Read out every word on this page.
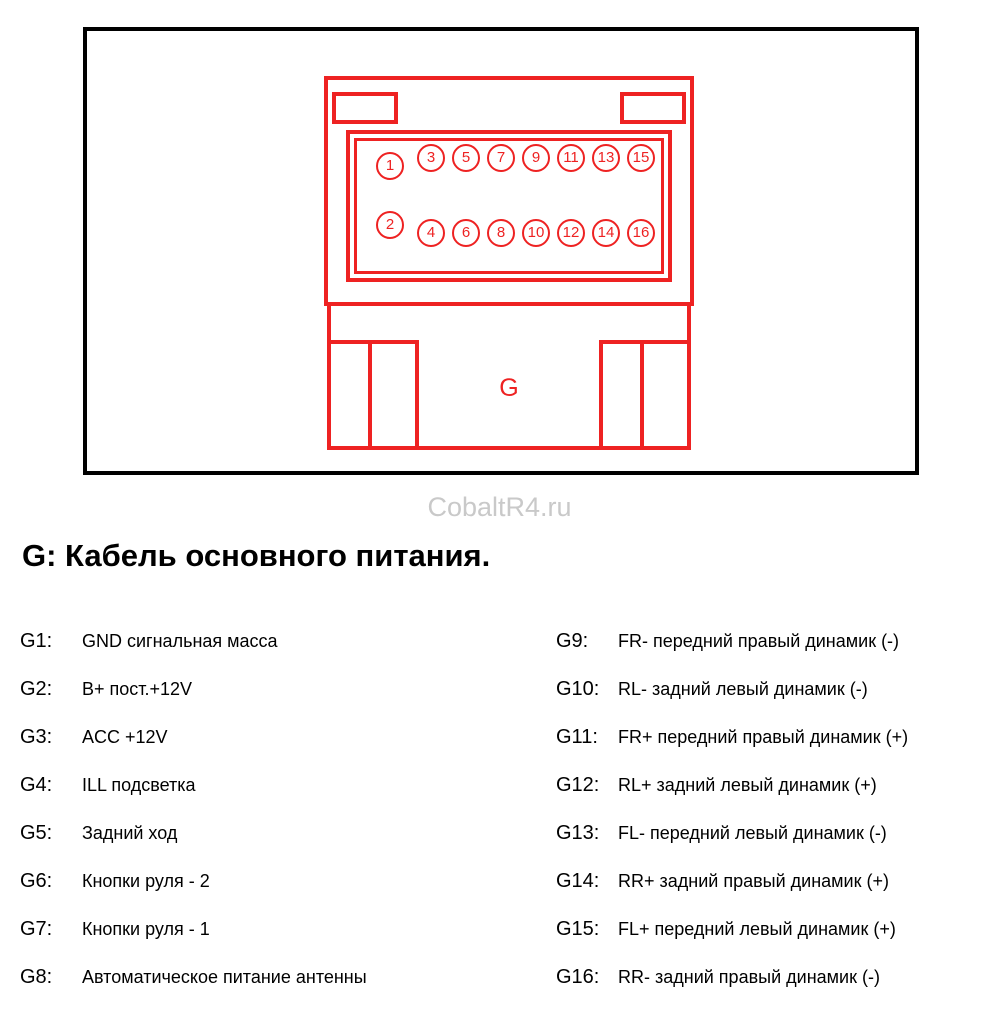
1	3	5	7	9	11	13	15
2	4	6	8	10	12	14	16
G
CobaltR4.ru
G: Кабель основного питания.
G1:	GND сигнальная масса
G2:	B+ пост.+12V
G3:	ACC +12V
G4:	ILL подсветка
G5:	Задний ход
G6:	Кнопки руля - 2
G7:	Кнопки руля - 1
G8:	Автоматическое питание антенны
G9:	FR- передний правый динамик (-)
G10:	RL- задний левый динамик (-)
G11:	FR+ передний правый динамик (+)
G12:	RL+ задний левый динамик (+)
G13:	FL- передний левый динамик (-)
G14:	RR+ задний правый динамик (+)
G15:	FL+ передний левый динамик (+)
G16:	RR- задний правый динамик (-)
